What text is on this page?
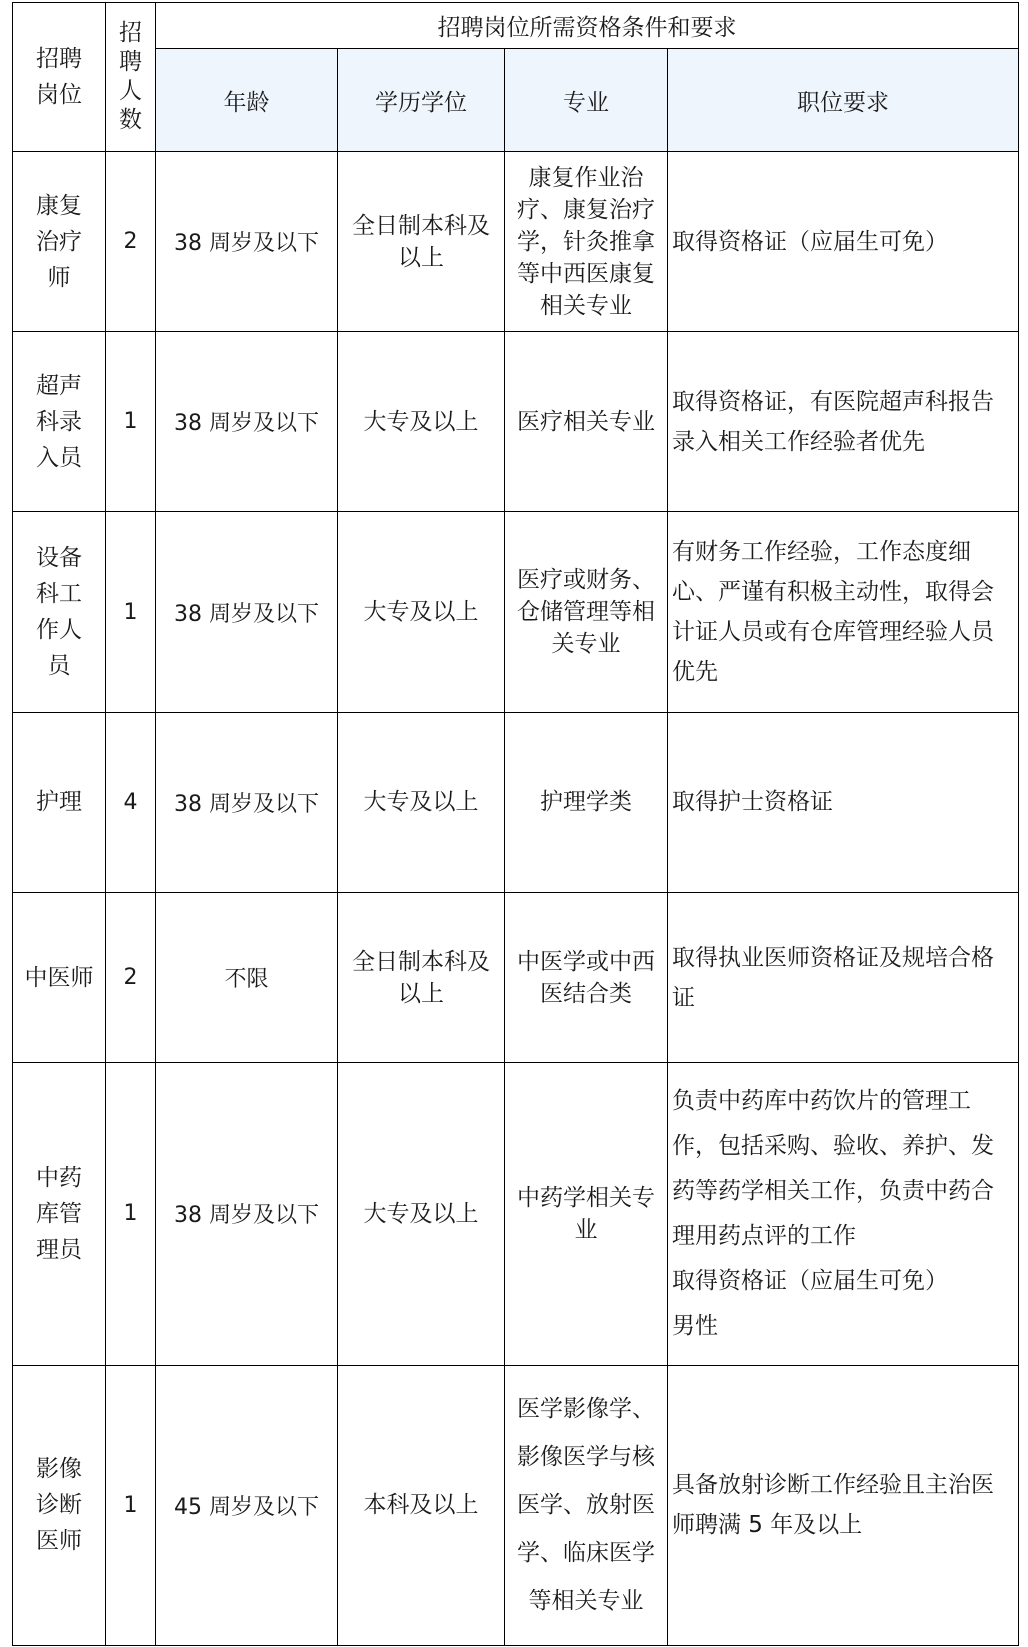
招聘岗位	招聘人数	招聘岗位所需资格条件和要求			
		年龄	学历学位	专业	职位要求
康复治疗师	2	38 周岁及以下	全日制本科及以上	康复作业治疗、康复治疗学，针灸推拿等中西医康复相关专业	取得资格证（应届生可免）
超声科录入员	1	38 周岁及以下	大专及以上	医疗相关专业	取得资格证，有医院超声科报告录入相关工作经验者优先
设备科工作人员	1	38 周岁及以下	大专及以上	医疗或财务、仓储管理等相关专业	有财务工作经验，工作态度细心、严谨有积极主动性，取得会计证人员或有仓库管理经验人员优先
护理	4	38 周岁及以下	大专及以上	护理学类	取得护士资格证
中医师	2	不限	全日制本科及以上	中医学或中西医结合类	取得执业医师资格证及规培合格证
中药库管理员	1	38 周岁及以下	大专及以上	中药学相关专业	负责中药库中药饮片的管理工作，包括采购、验收、养护、发药等药学相关工作，负责中药合理用药点评的工作
取得资格证（应届生可免）
男性
影像诊断医师	1	45 周岁及以下	本科及以上	医学影像学、影像医学与核医学、放射医学、临床医学等相关专业	具备放射诊断工作经验且主治医师聘满 5 年及以上
